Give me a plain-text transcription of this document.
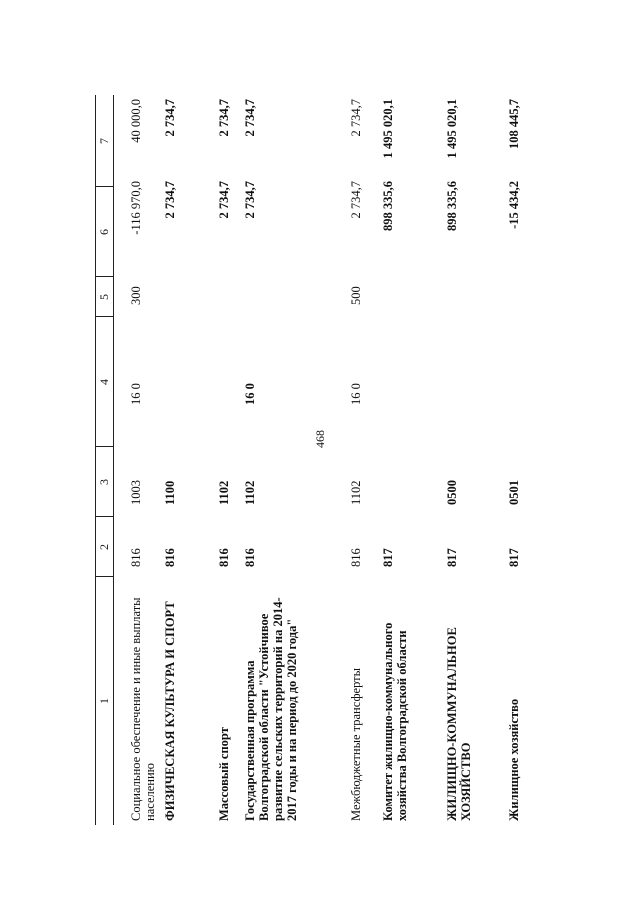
468
1
2
3
4
5
6
7
Социальное обеспечение и иные выплаты населению
816
1003
16 0
300
-116 970,0
40 000,0
ФИЗИЧЕСКАЯ КУЛЬТУРА И СПОРТ
816
1100
2 734,7
2 734,7
Массовый спорт
816
1102
2 734,7
2 734,7
Государственная программа Волгоградской области "Устойчивое развитие сельских территорий на 2014-2017 годы и на период до 2020 года"
816
1102
16 0
2 734,7
2 734,7
Межбюджетные трансферты
816
1102
16 0
500
2 734,7
2 734,7
Комитет жилищно-коммунального хозяйства Волгоградской области
817
898 335,6
1 495 020,1
ЖИЛИЩНО-КОММУНАЛЬНОЕ ХОЗЯЙСТВО
817
0500
898 335,6
1 495 020,1
Жилищное хозяйство
817
0501
-15 434,2
108 445,7
